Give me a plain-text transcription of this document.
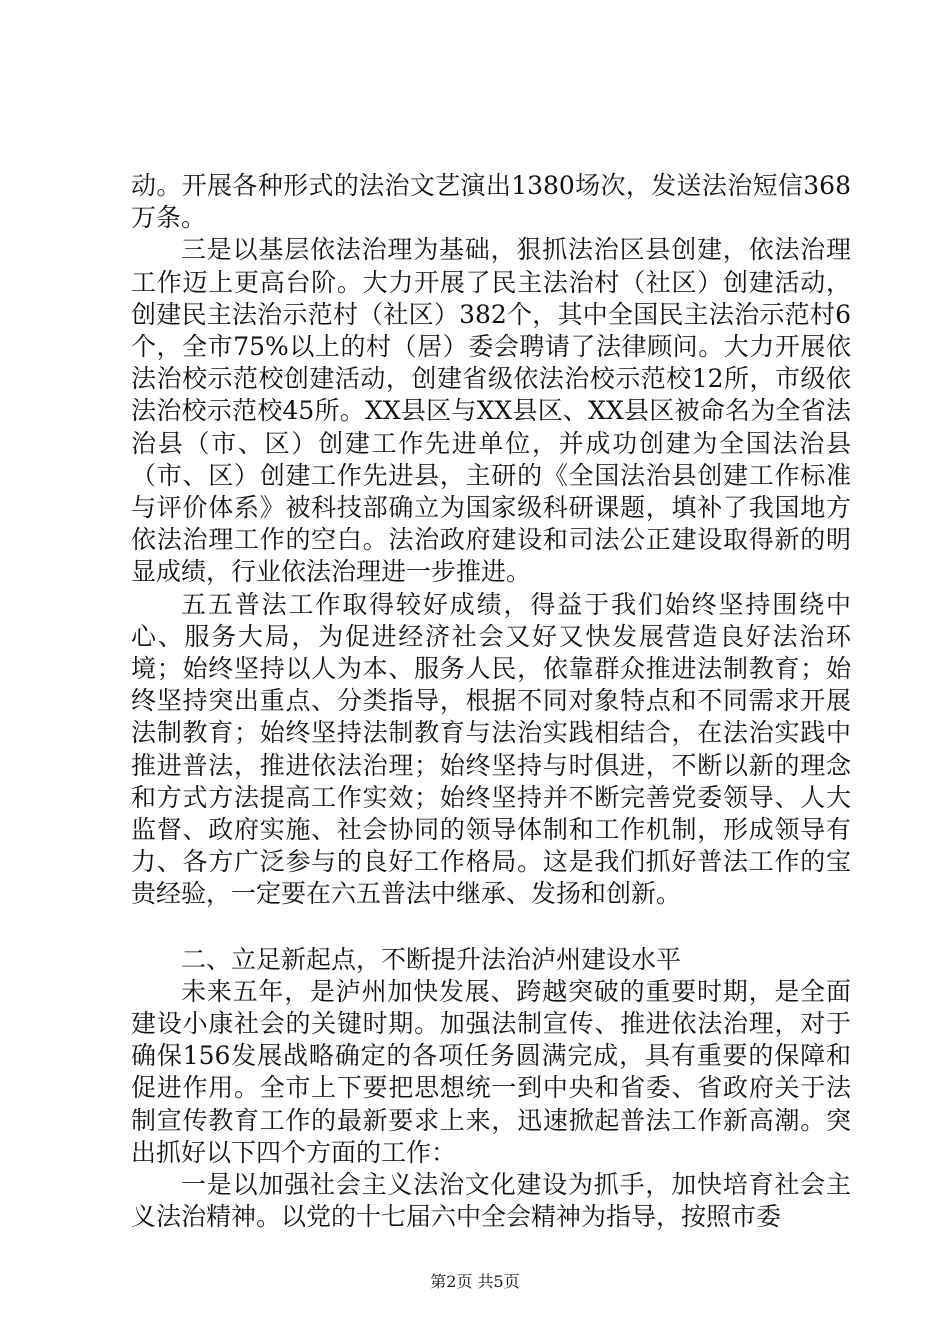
动。开展各种形式的法治文艺演出1380场次，发送法治短信368万条。

三是以基层依法治理为基础，狠抓法治区县创建，依法治理工作迈上更高台阶。大力开展了民主法治村（社区）创建活动，创建民主法治示范村（社区）382个，其中全国民主法治示范村6个，全市75%以上的村（居）委会聘请了法律顾问。大力开展依法治校示范校创建活动，创建省级依法治校示范校12所，市级依法治校示范校45所。XX县区与XX县区、XX县区被命名为全省法治县（市、区）创建工作先进单位，并成功创建为全国法治县（市、区）创建工作先进县，主研的《全国法治县创建工作标准与评价体系》被科技部确立为国家级科研课题，填补了我国地方依法治理工作的空白。法治政府建设和司法公正建设取得新的明显成绩，行业依法治理进一步推进。

五五普法工作取得较好成绩，得益于我们始终坚持围绕中心、服务大局，为促进经济社会又好又快发展营造良好法治环境；始终坚持以人为本、服务人民，依靠群众推进法制教育；始终坚持突出重点、分类指导，根据不同对象特点和不同需求开展法制教育；始终坚持法制教育与法治实践相结合，在法治实践中推进普法，推进依法治理；始终坚持与时俱进，不断以新的理念和方式方法提高工作实效；始终坚持并不断完善党委领导、人大监督、政府实施、社会协同的领导体制和工作机制，形成领导有力、各方广泛参与的良好工作格局。这是我们抓好普法工作的宝贵经验，一定要在六五普法中继承、发扬和创新。

二、立足新起点，不断提升法治泸州建设水平

未来五年，是泸州加快发展、跨越突破的重要时期，是全面建设小康社会的关键时期。加强法制宣传、推进依法治理，对于确保156发展战略确定的各项任务圆满完成，具有重要的保障和促进作用。全市上下要把思想统一到中央和省委、省政府关于法制宣传教育工作的最新要求上来，迅速掀起普法工作新高潮。突出抓好以下四个方面的工作：

一是以加强社会主义法治文化建设为抓手，加快培育社会主义法治精神。以党的十七届六中全会精神为指导，按照市委

第2页 共5页
